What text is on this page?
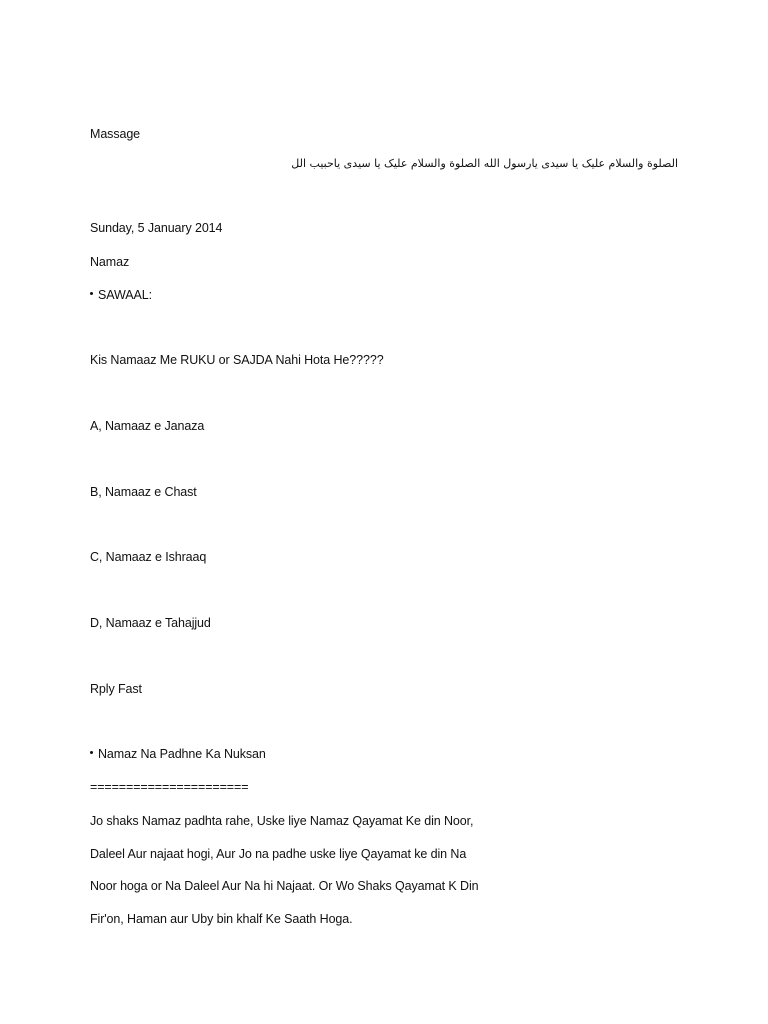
Massage
الصلوة والسلام علیک یا سیدی یارسول الله الصلوة والسلام علیک یا سیدی یاحبیب الل
Sunday, 5 January 2014
Namaz
SAWAAL:
Kis Namaaz Me RUKU or SAJDA Nahi Hota He?????
A, Namaaz e Janaza
B, Namaaz e Chast
C, Namaaz e Ishraaq
D, Namaaz e Tahajjud
Rply Fast
Namaz Na Padhne Ka Nuksan
======================
Jo shaks Namaz padhta rahe, Uske liye Namaz Qayamat Ke din Noor,
Daleel Aur najaat hogi, Aur Jo na padhe uske liye Qayamat ke din Na
Noor hoga or Na Daleel Aur Na hi Najaat. Or Wo Shaks Qayamat K Din
Fir'on, Haman aur Uby bin khalf Ke Saath Hoga.
